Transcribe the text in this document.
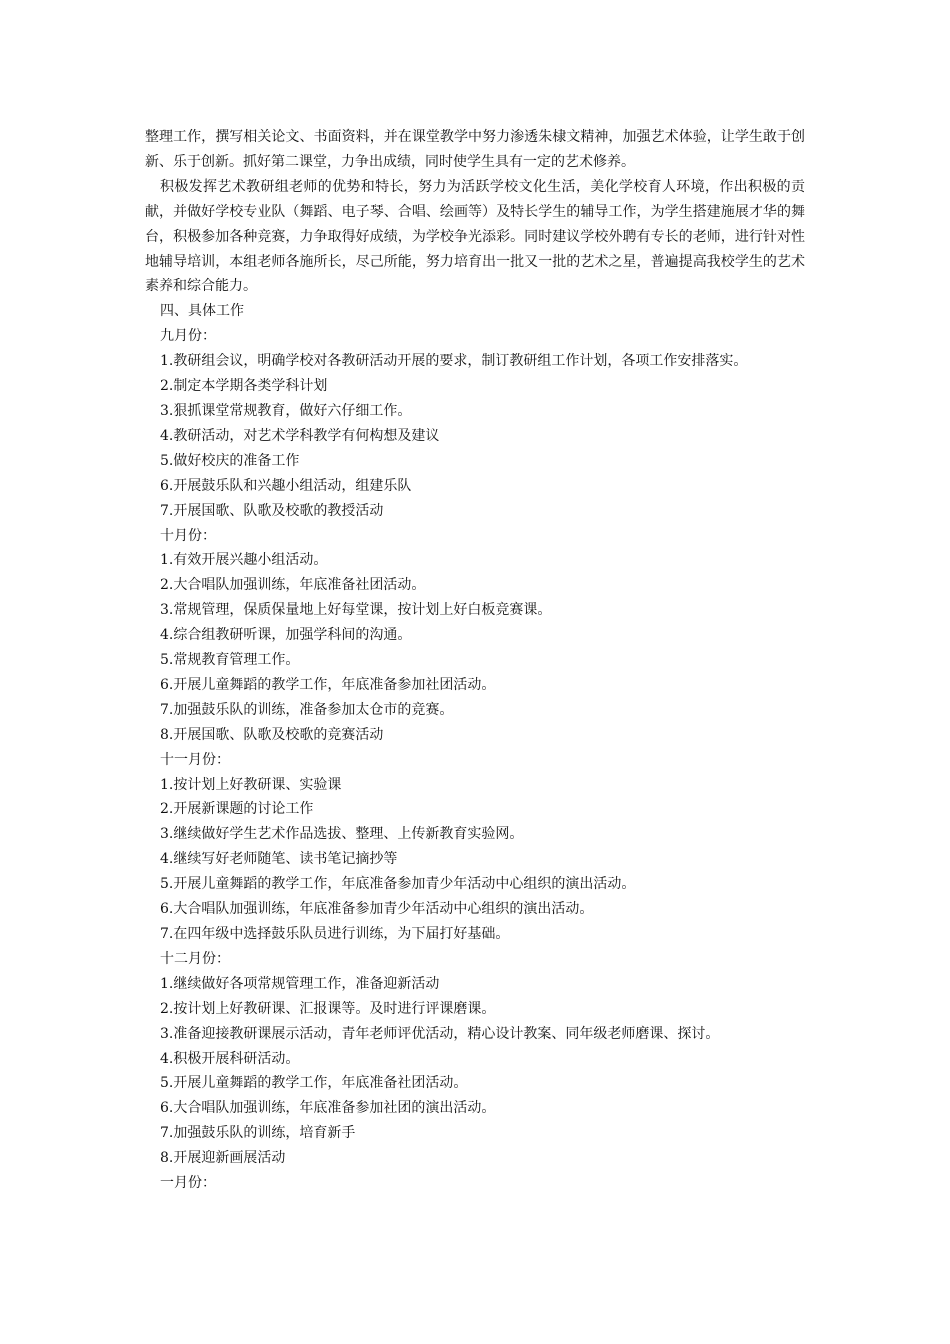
整理工作，撰写相关论文、书面资料，并在课堂教学中努力渗透朱棣文精神，加强艺术体验，让学生敢于创新、乐于创新。抓好第二课堂，力争出成绩，同时使学生具有一定的艺术修养。

积极发挥艺术教研组老师的优势和特长，努力为活跃学校文化生活，美化学校育人环境，作出积极的贡献，并做好学校专业队（舞蹈、电子琴、合唱、绘画等）及特长学生的辅导工作，为学生搭建施展才华的舞台，积极参加各种竞赛，力争取得好成绩，为学校争光添彩。同时建议学校外聘有专长的老师，进行针对性地辅导培训，本组老师各施所长，尽己所能，努力培育出一批又一批的艺术之星，普遍提高我校学生的艺术素养和综合能力。

四、具体工作

九月份：

1.教研组会议，明确学校对各教研活动开展的要求，制订教研组工作计划，各项工作安排落实。

2.制定本学期各类学科计划

3.狠抓课堂常规教育，做好六仔细工作。

4.教研活动，对艺术学科教学有何构想及建议

5.做好校庆的准备工作

6.开展鼓乐队和兴趣小组活动，组建乐队

7.开展国歌、队歌及校歌的教授活动

十月份：

1.有效开展兴趣小组活动。

2.大合唱队加强训练，年底准备社团活动。

3.常规管理，保质保量地上好每堂课，按计划上好白板竞赛课。

4.综合组教研听课，加强学科间的沟通。

5.常规教育管理工作。

6.开展儿童舞蹈的教学工作，年底准备参加社团活动。

7.加强鼓乐队的训练，准备参加太仓市的竞赛。

8.开展国歌、队歌及校歌的竞赛活动

十一月份：

1.按计划上好教研课、实验课

2.开展新课题的讨论工作

3.继续做好学生艺术作品选拔、整理、上传新教育实验网。

4.继续写好老师随笔、读书笔记摘抄等

5.开展儿童舞蹈的教学工作，年底准备参加青少年活动中心组织的演出活动。

6.大合唱队加强训练，年底准备参加青少年活动中心组织的演出活动。

7.在四年级中选择鼓乐队员进行训练，为下届打好基础。

十二月份：

1.继续做好各项常规管理工作，准备迎新活动

2.按计划上好教研课、汇报课等。及时进行评课磨课。

3.准备迎接教研课展示活动，青年老师评优活动，精心设计教案、同年级老师磨课、探讨。

4.积极开展科研活动。

5.开展儿童舞蹈的教学工作，年底准备社团活动。

6.大合唱队加强训练，年底准备参加社团的演出活动。

7.加强鼓乐队的训练，培育新手

8.开展迎新画展活动

一月份：
